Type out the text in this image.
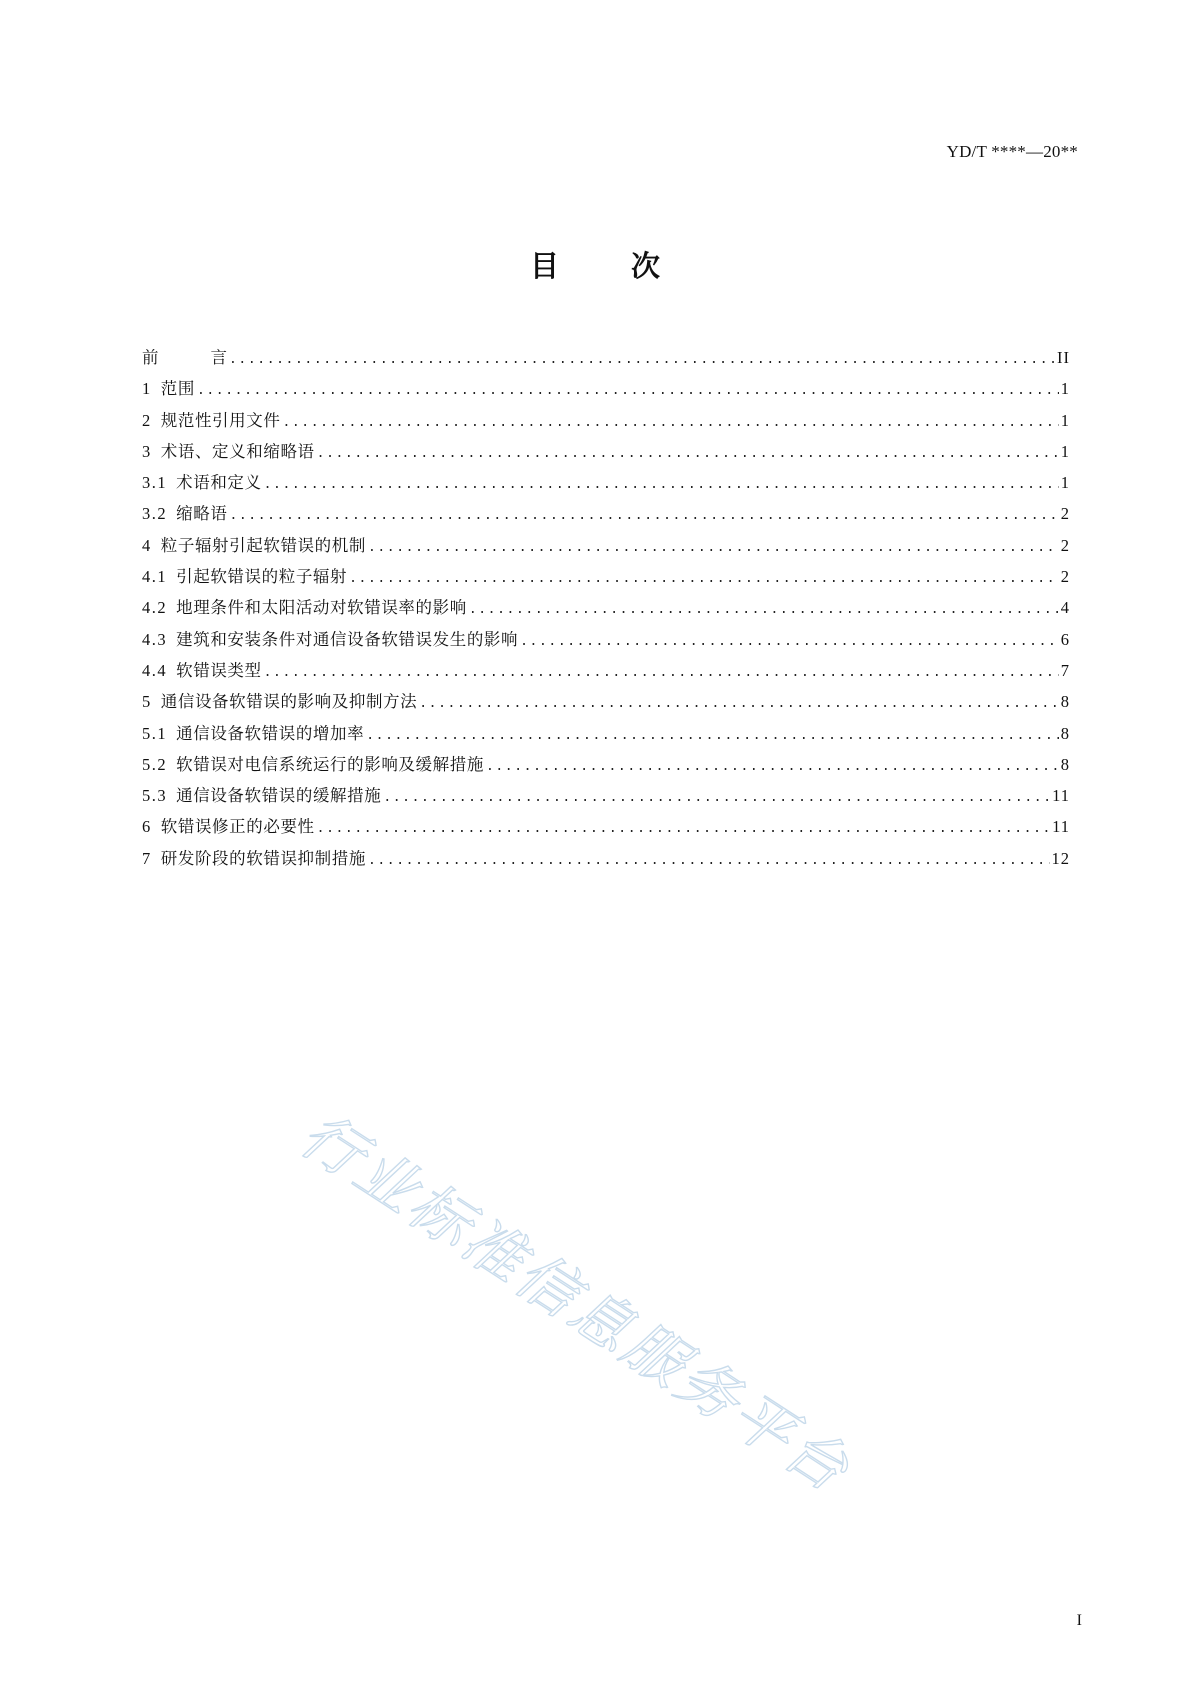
YD/T ****—20**
目 次
前	言 .....	II
1 范围 .....	1
2 规范性引用文件 .....	1
3 术语、定义和缩略语 .....	1
3.1 术语和定义 .....	1
3.2 缩略语 .....	2
4 粒子辐射引起软错误的机制 .....	2
4.1 引起软错误的粒子辐射 .....	2
4.2 地理条件和太阳活动对软错误率的影响 .....	4
4.3 建筑和安装条件对通信设备软错误发生的影响 .....	6
4.4 软错误类型 .....	7
5 通信设备软错误的影响及抑制方法 .....	8
5.1 通信设备软错误的增加率 .....	8
5.2 软错误对电信系统运行的影响及缓解措施 .....	8
5.3 通信设备软错误的缓解措施 .....	11
6 软错误修正的必要性 .....	11
7 研发阶段的软错误抑制措施 .....	12
行业标准信息服务平台
I
